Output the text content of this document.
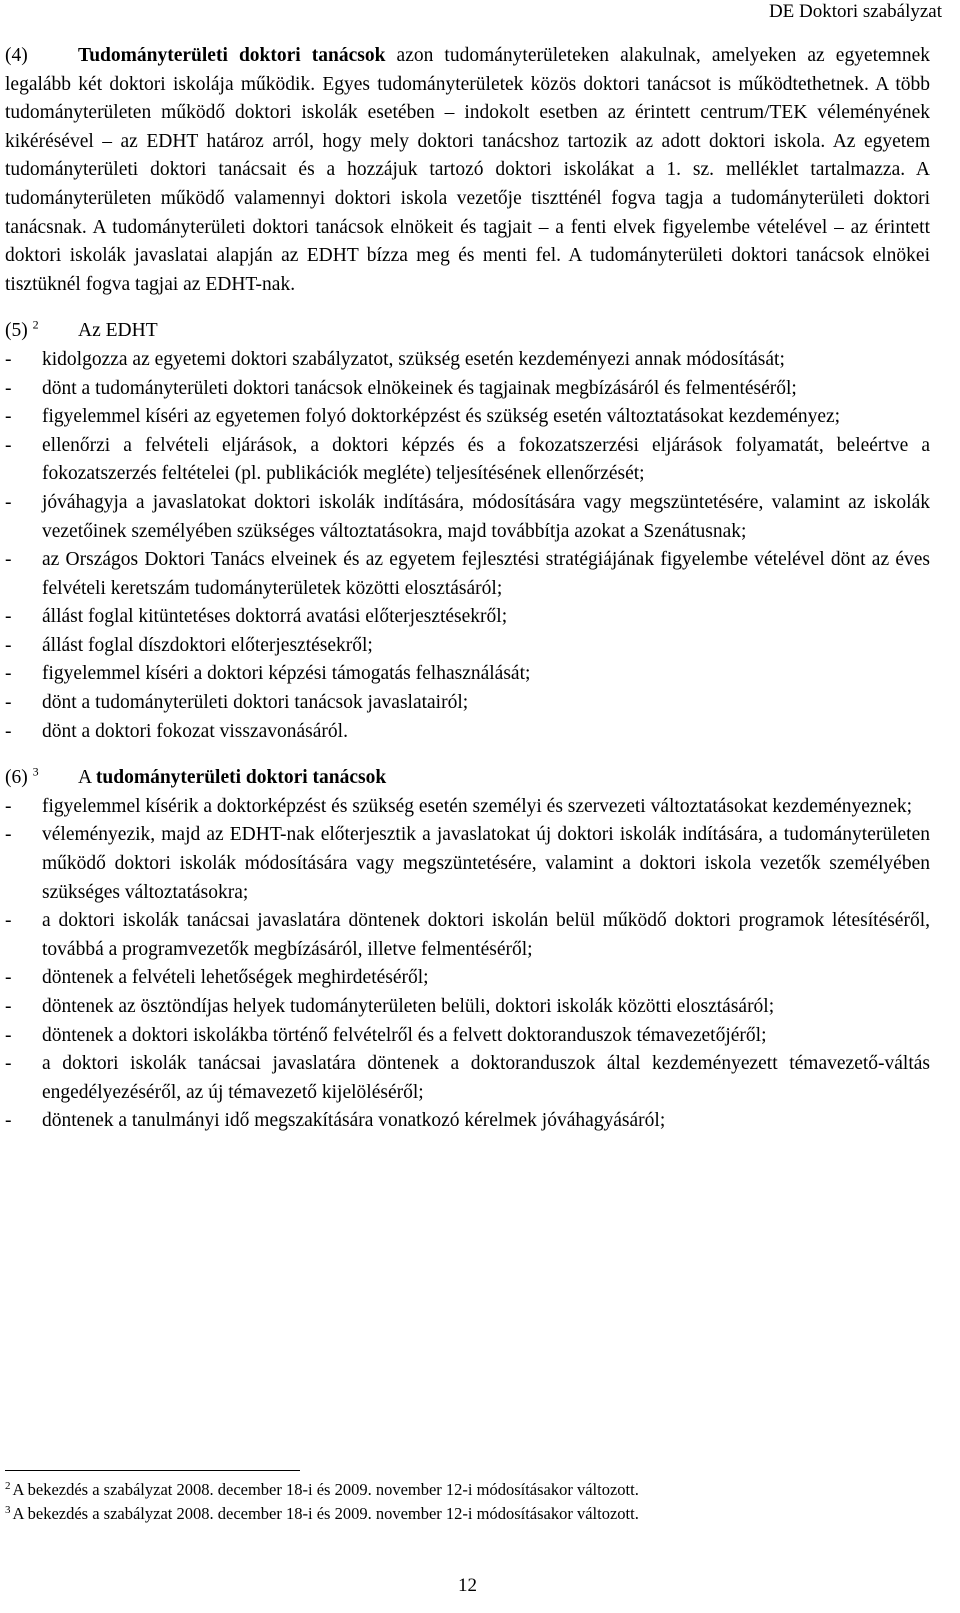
DE Doktori szabályzat

(4)	Tudományterületi doktori tanácsok azon tudományterületeken alakulnak, amelyeken az egyetemnek legalább két doktori iskolája működik. Egyes tudományterületek közös doktori tanácsot is működtethetnek. A több tudományterületen működő doktori iskolák esetében – indokolt esetben az érintett centrum/TEK véleményének kikérésével – az EDHT határoz arról, hogy mely doktori tanácshoz tartozik az adott doktori iskola. Az egyetem tudományterületi doktori tanácsait és a hozzájuk tartozó doktori iskolákat a 1. sz. melléklet tartalmazza. A tudományterületen működő valamennyi doktori iskola vezetője tisztténél fogva tagja a tudományterületi doktori tanácsnak. A tudományterületi doktori tanácsok elnökeit és tagjait – a fenti elvek figyelembe vételével – az érintett doktori iskolák javaslatai alapján az EDHT bízza meg és menti fel. A tudományterületi doktori tanácsok elnökei tisztüknél fogva tagjai az EDHT-nak.

(5) $^2$ Az EDHT

- kidolgozza az egyetemi doktori szabályzatot, szükség esetén kezdeményezi annak módosítását;
- dönt a tudományterületi doktori tanácsok elnökeinek és tagjainak megbízásáról és felmentéséről;
- figyelemmel kíséri az egyetemen folyó doktorképzést és szükség esetén változtatásokat kezdeményez;
- ellenőrzi a felvételi eljárások, a doktori képzés és a fokozatszerzési eljárások folyamatát, beleértve a fokozatszerzés feltételei (pl. publikációk megléte) teljesítésének ellenőrzését;
- jóváhagyja a javaslatokat doktori iskolák indítására, módosítására vagy megszüntetésére, valamint az iskolák vezetőinek személyében szükséges változtatásokra, majd továbbítja azokat a Szenátusnak;
- az Országos Doktori Tanács elveinek és az egyetem fejlesztési stratégiájának figyelembe vételével dönt az éves felvételi keretszám tudományterületek közötti elosztásáról;
- állást foglal kitüntetéses doktorrá avatási előterjesztésekről;
- állást foglal díszdoktori előterjesztésekről;
- figyelemmel kíséri a doktori képzési támogatás felhasználását;
- dönt a tudományterületi doktori tanácsok javaslatairól;
- dönt a doktori fokozat visszavonásáról.

(6) $^3$ A tudományterületi doktori tanácsok

- figyelemmel kísérik a doktorképzést és szükség esetén személyi és szervezeti változtatásokat kezdeményeznek;
- véleményezik, majd az EDHT-nak előterjesztik a javaslatokat új doktori iskolák indítására, a tudományterületen működő doktori iskolák módosítására vagy megszüntetésére, valamint a doktori iskola vezetők személyében szükséges változtatásokra;
- a doktori iskolák tanácsai javaslatára döntenek doktori iskolán belül működő doktori programok létesítéséről, továbbá a programvezetők megbízásáról, illetve felmentéséről;
- döntenek a felvételi lehetőségek meghirdetéséről;
- döntenek az ösztöndíjas helyek tudományterületen belüli, doktori iskolák közötti elosztásáról;
- döntenek a doktori iskolákba történő felvételről és a felvett doktoranduszok témavezetőjéről;
- a doktori iskolák tanácsai javaslatára döntenek a doktoranduszok által kezdeményezett témavezető-váltás engedélyezéséről, az új témavezető kijelöléséről;
- döntenek a tanulmányi idő megszakítására vonatkozó kérelmek jóváhagyásáról;
$^2$ A bekezdés a szabályzat 2008. december 18-i és 2009. november 12-i módosításakor változott.
$^3$ A bekezdés a szabályzat 2008. december 18-i és 2009. november 12-i módosításakor változott.
12
